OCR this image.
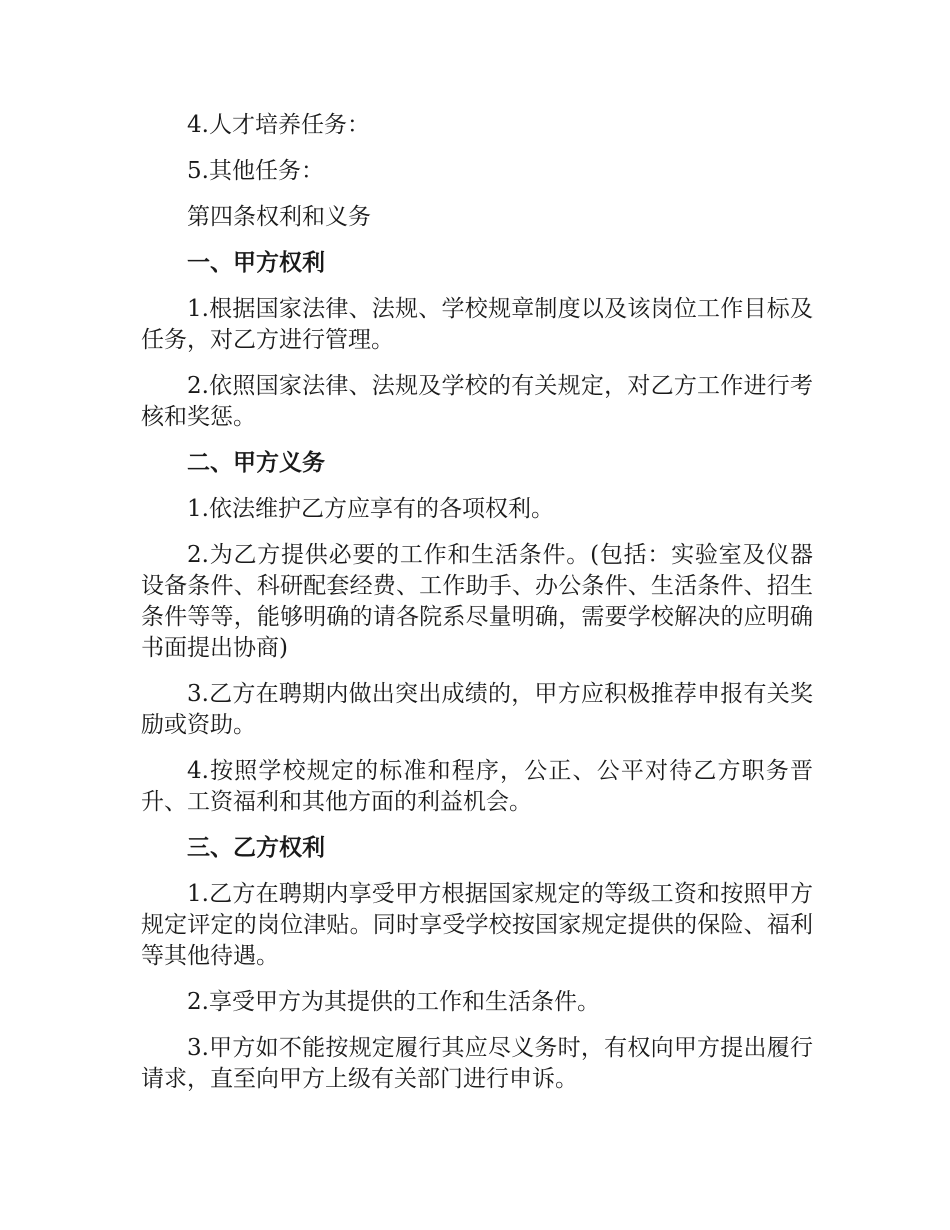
4.人才培养任务：

5.其他任务：

第四条权利和义务

一、甲方权利

1.根据国家法律、法规、学校规章制度以及该岗位工作目标及任务，对乙方进行管理。

2.依照国家法律、法规及学校的有关规定，对乙方工作进行考核和奖惩。

二、甲方义务

1.依法维护乙方应享有的各项权利。

2.为乙方提供必要的工作和生活条件。(包括：实验室及仪器设备条件、科研配套经费、工作助手、办公条件、生活条件、招生条件等等，能够明确的请各院系尽量明确，需要学校解决的应明确书面提出协商)

3.乙方在聘期内做出突出成绩的，甲方应积极推荐申报有关奖励或资助。

4.按照学校规定的标准和程序，公正、公平对待乙方职务晋升、工资福利和其他方面的利益机会。

三、乙方权利

1.乙方在聘期内享受甲方根据国家规定的等级工资和按照甲方规定评定的岗位津贴。同时享受学校按国家规定提供的保险、福利等其他待遇。

2.享受甲方为其提供的工作和生活条件。

3.甲方如不能按规定履行其应尽义务时，有权向甲方提出履行请求，直至向甲方上级有关部门进行申诉。
